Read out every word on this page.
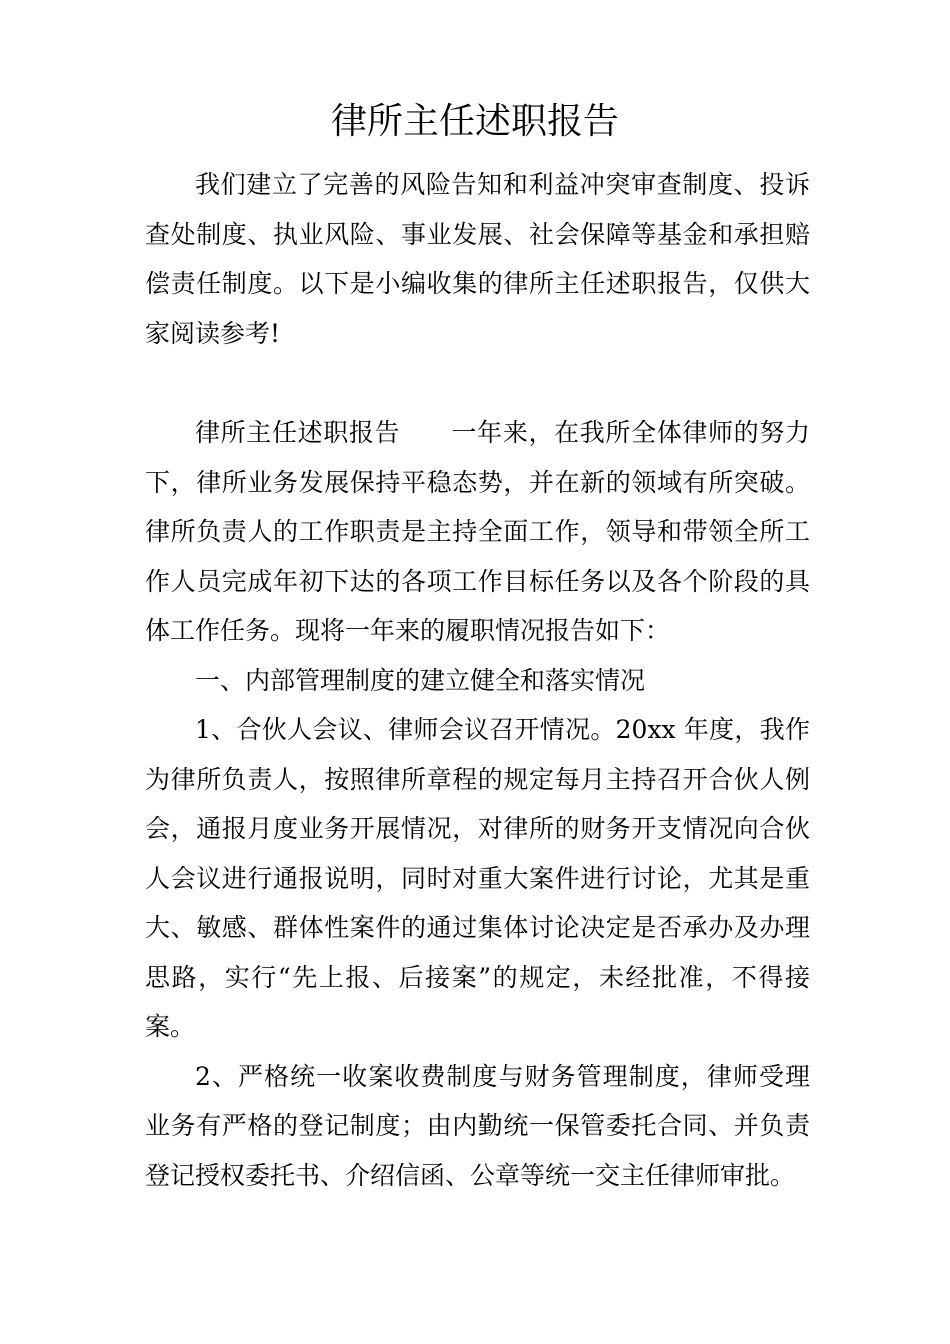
律所主任述职报告

我们建立了完善的风险告知和利益冲突审查制度、投诉查处制度、执业风险、事业发展、社会保障等基金和承担赔偿责任制度。以下是小编收集的律所主任述职报告，仅供大家阅读参考!

律所主任述职报告　　一年来，在我所全体律师的努力下，律所业务发展保持平稳态势，并在新的领域有所突破。律所负责人的工作职责是主持全面工作，领导和带领全所工作人员完成年初下达的各项工作目标任务以及各个阶段的具体工作任务。现将一年来的履职情况报告如下：

一、内部管理制度的建立健全和落实情况

1、合伙人会议、律师会议召开情况。20xx 年度，我作为律所负责人，按照律所章程的规定每月主持召开合伙人例会，通报月度业务开展情况，对律所的财务开支情况向合伙人会议进行通报说明，同时对重大案件进行讨论，尤其是重大、敏感、群体性案件的通过集体讨论决定是否承办及办理思路，实行“先上报、后接案”的规定，未经批准，不得接案。

2、严格统一收案收费制度与财务管理制度，律师受理业务有严格的登记制度；由内勤统一保管委托合同、并负责登记授权委托书、介绍信函、公章等统一交主任律师审批。
